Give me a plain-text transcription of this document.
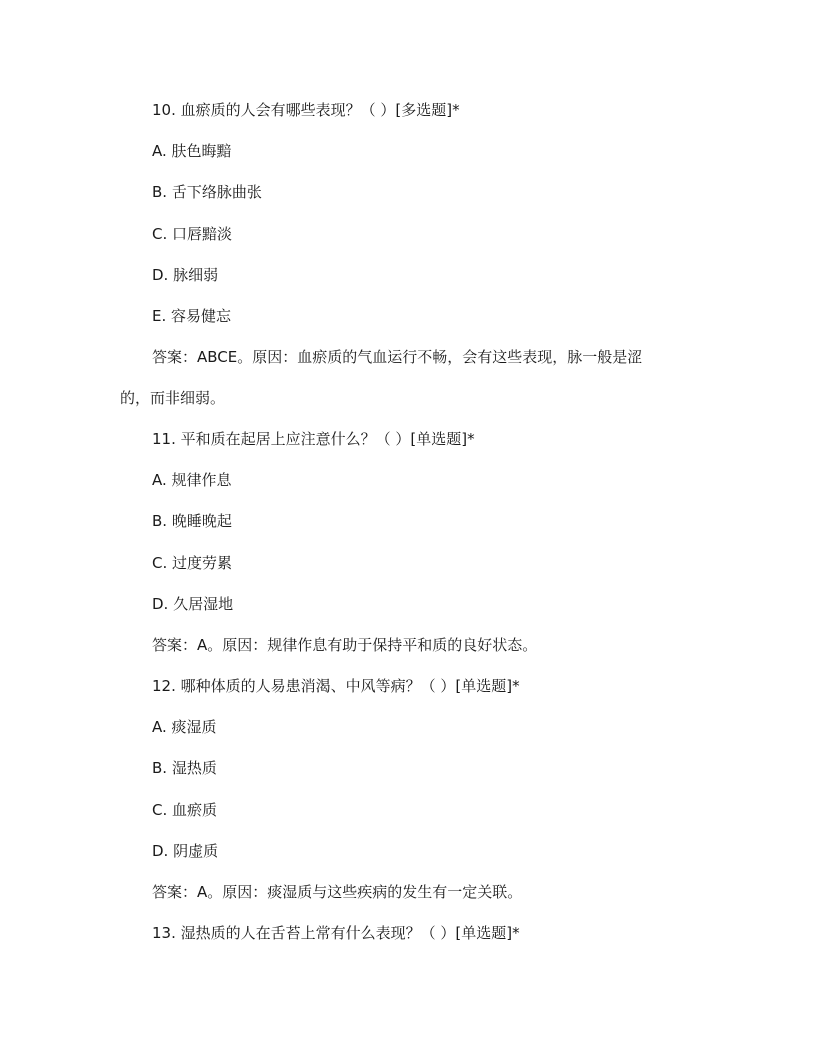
10. 血瘀质的人会有哪些表现？（ ）[多选题]*
A. 肤色晦黯
B. 舌下络脉曲张
C. 口唇黯淡
D. 脉细弱
E. 容易健忘
答案：ABCE。原因：血瘀质的气血运行不畅，会有这些表现，脉一般是涩
的，而非细弱。
11. 平和质在起居上应注意什么？（ ）[单选题]*
A. 规律作息
B. 晚睡晚起
C. 过度劳累
D. 久居湿地
答案：A。原因：规律作息有助于保持平和质的良好状态。
12. 哪种体质的人易患消渴、中风等病？（ ）[单选题]*
A. 痰湿质
B. 湿热质
C. 血瘀质
D. 阴虚质
答案：A。原因：痰湿质与这些疾病的发生有一定关联。
13. 湿热质的人在舌苔上常有什么表现？（ ）[单选题]*
